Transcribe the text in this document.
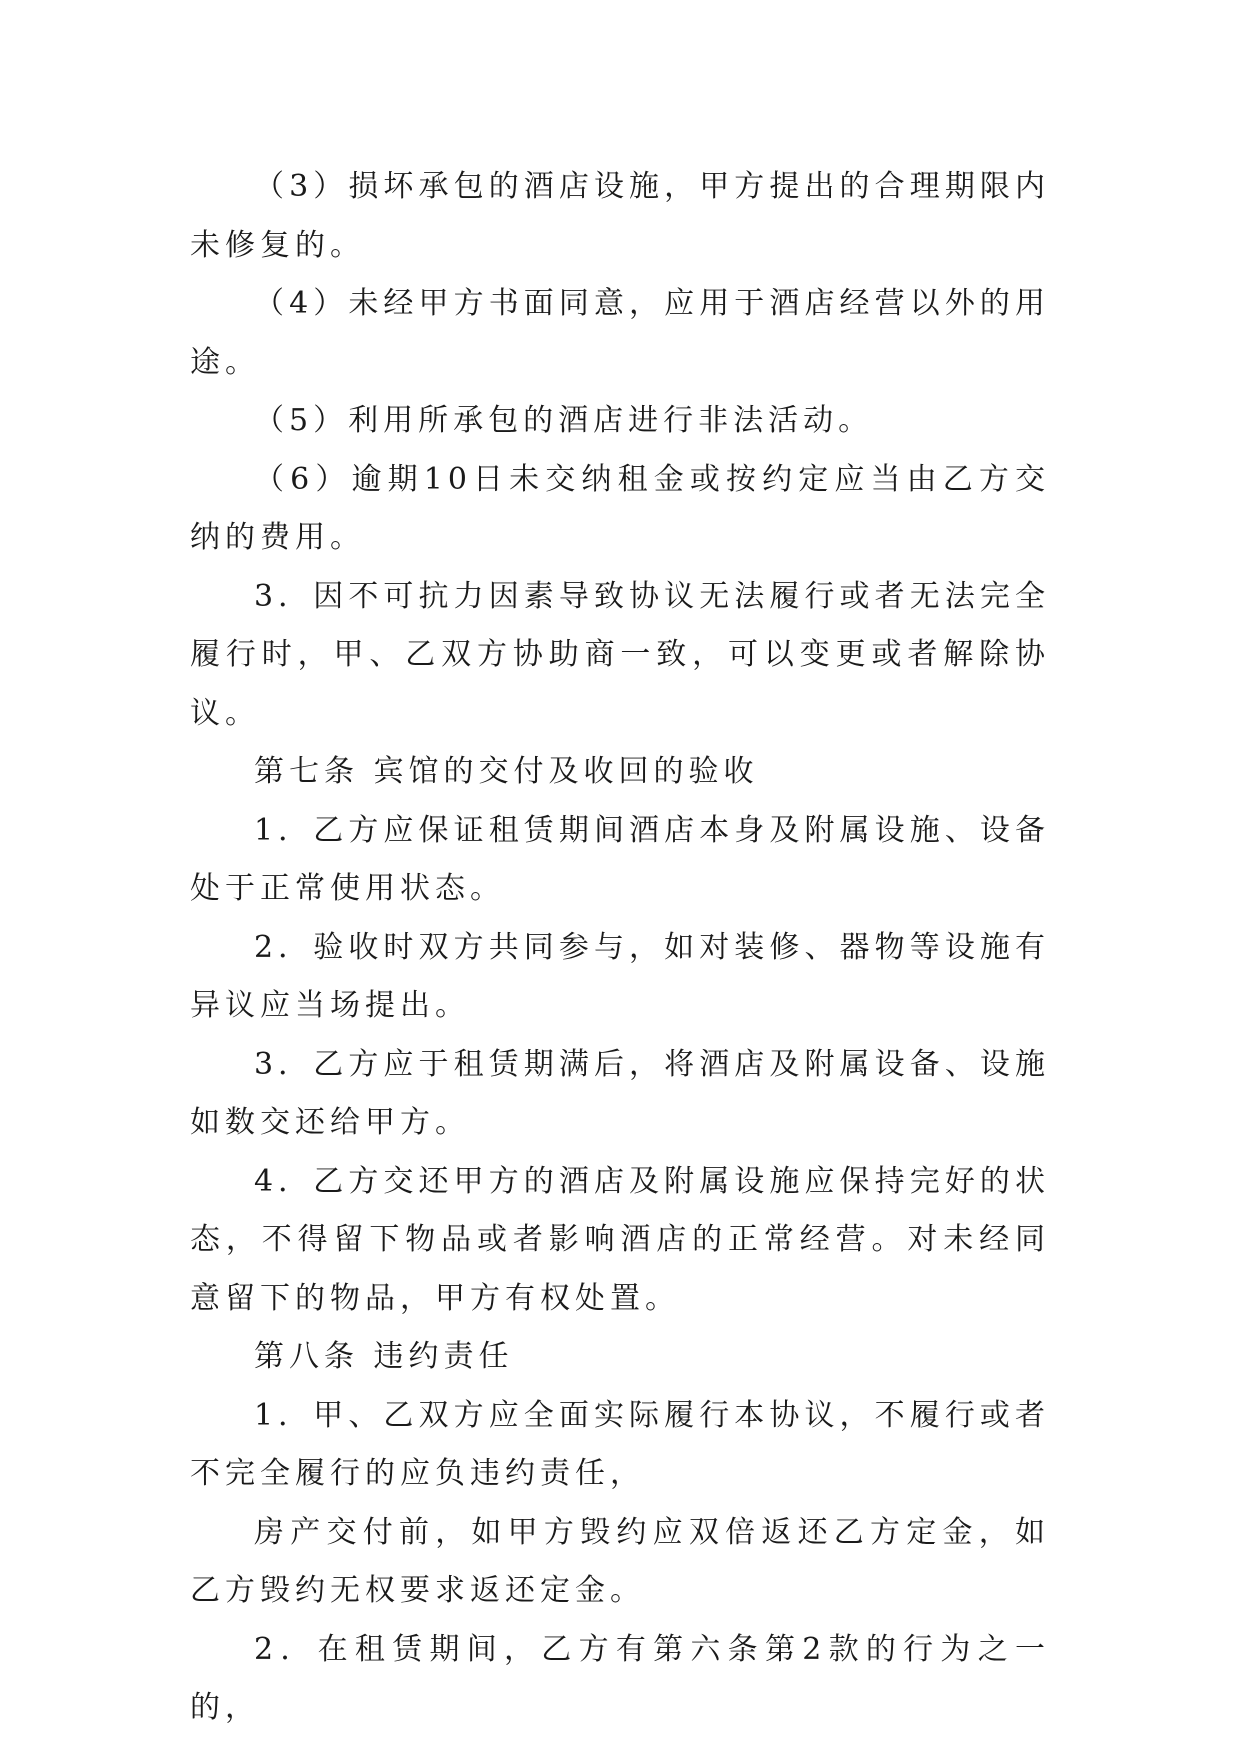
（3）损坏承包的酒店设施，甲方提出的合理期限内未修复的。

（4）未经甲方书面同意，应用于酒店经营以外的用途。

（5）利用所承包的酒店进行非法活动。

（6）逾期10日未交纳租金或按约定应当由乙方交纳的费用。

3．因不可抗力因素导致协议无法履行或者无法完全履行时，甲、乙双方协助商一致，可以变更或者解除协议。

第七条 宾馆的交付及收回的验收

1．乙方应保证租赁期间酒店本身及附属设施、设备处于正常使用状态。

2．验收时双方共同参与，如对装修、器物等设施有异议应当场提出。

3．乙方应于租赁期满后，将酒店及附属设备、设施如数交还给甲方。

4．乙方交还甲方的酒店及附属设施应保持完好的状态，不得留下物品或者影响酒店的正常经营。对未经同意留下的物品，甲方有权处置。

第八条 违约责任

1．甲、乙双方应全面实际履行本协议，不履行或者不完全履行的应负违约责任，

房产交付前，如甲方毁约应双倍返还乙方定金，如乙方毁约无权要求返还定金。

2．在租赁期间，乙方有第六条第2款的行为之一的，
